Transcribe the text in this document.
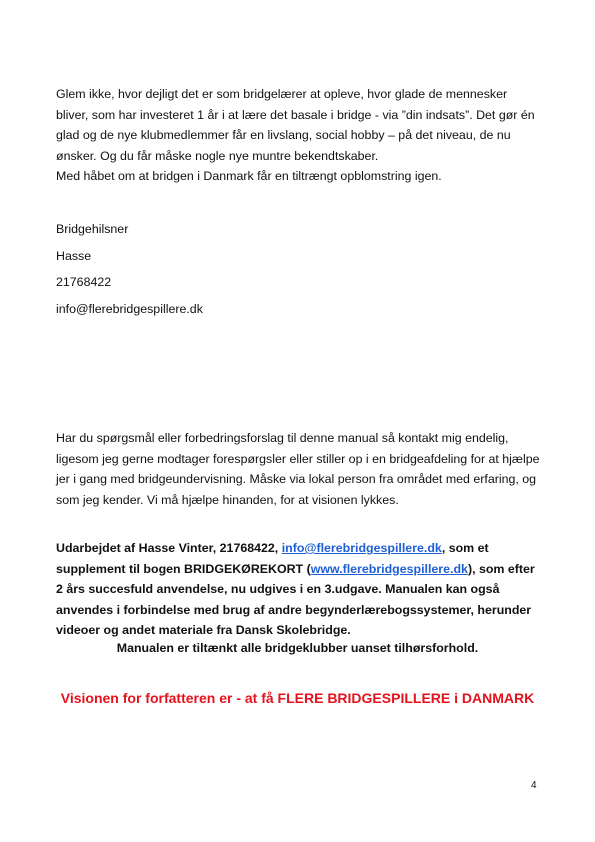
Glem ikke, hvor dejligt det er som bridgelærer at opleve, hvor glade de mennesker bliver, som har investeret 1 år i at lære det basale i bridge - via ”din indsats”. Det gør én glad og de nye klubmedlemmer får en livslang, social hobby – på det niveau, de nu ønsker. Og du får måske nogle nye muntre bekendtskaber.

Med håbet om at bridgen i Danmark får en tiltrængt opblomstring igen.

Bridgehilsner

Hasse

21768422

info@flerebridgespillere.dk

Har du spørgsmål eller forbedringsforslag til denne manual så kontakt mig endelig, ligesom jeg gerne modtager forespørgsler eller stiller op i en bridgeafdeling for at hjælpe jer i gang med bridgeundervisning. Måske via lokal person fra området med erfaring, og som jeg kender. Vi må hjælpe hinanden, for at visionen lykkes.

Udarbejdet af Hasse Vinter, 21768422, info@flerebridgespillere.dk, som et supplement til bogen BRIDGEKØREKORT (www.flerebridgespillere.dk), som efter 2 års succesfuld anvendelse, nu udgives i en 3.udgave. Manualen kan også anvendes i forbindelse med brug af andre begynderlærebogssystemer, herunder videoer og andet materiale fra Dansk Skolebridge.

Manualen er tiltænkt alle bridgeklubber uanset tilhørsforhold.

Visionen for forfatteren er - at få FLERE BRIDGESPILLERE i DANMARK

4
